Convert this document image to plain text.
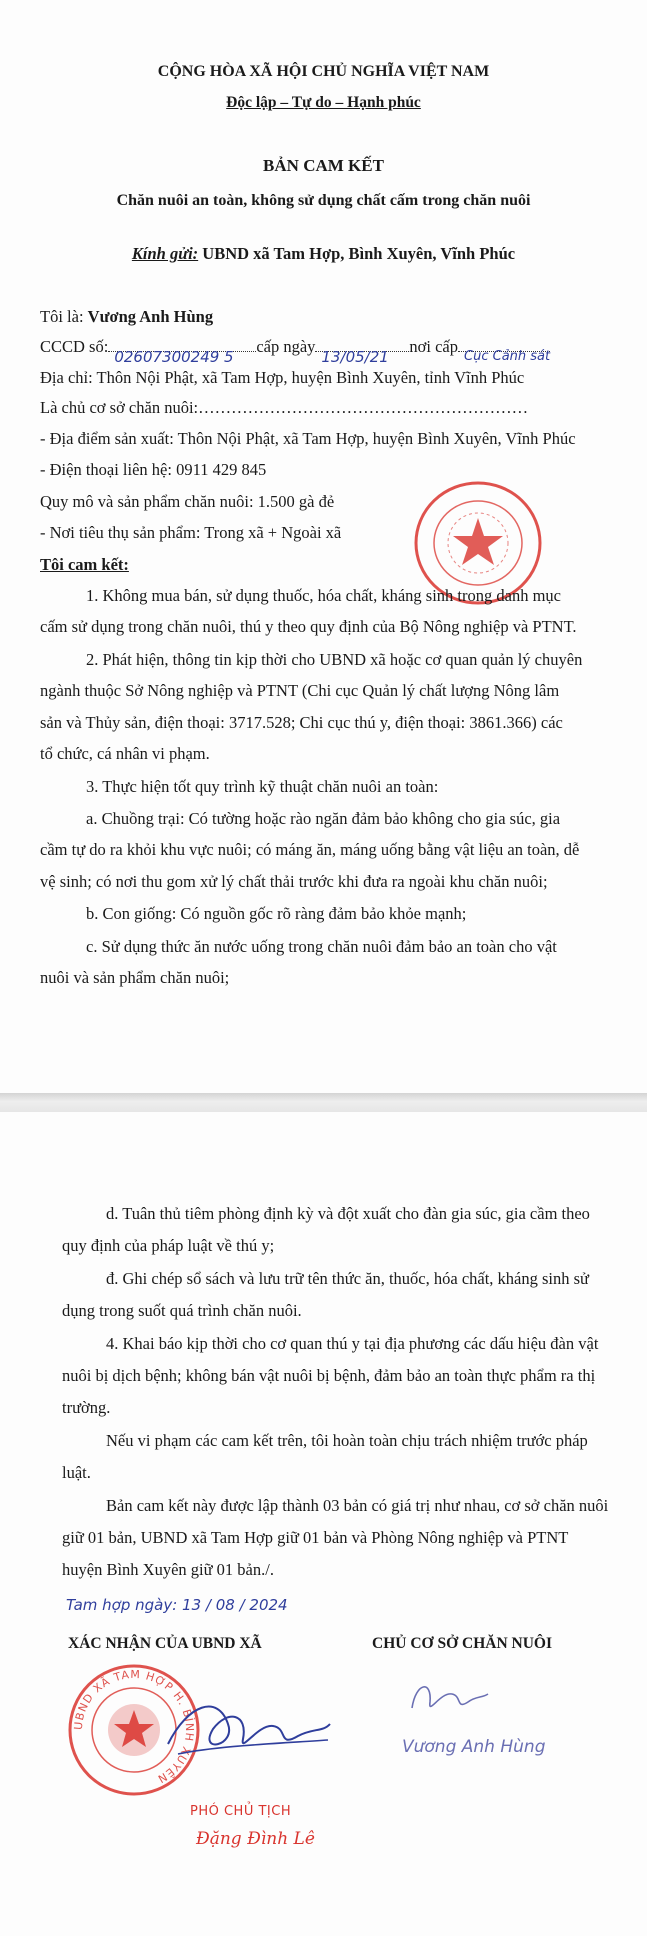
CỘNG HÒA XÃ HỘI CHỦ NGHĨA VIỆT NAM
Độc lập – Tự do – Hạnh phúc
BẢN CAM KẾT
Chăn nuôi an toàn, không sử dụng chất cấm trong chăn nuôi
Kính gửi: UBND xã Tam Hợp, Bình Xuyên, Vĩnh Phúc
Tôi là: Vương Anh Hùng
CCCD số:
02607300249 5
cấp ngày
13/05/21
nơi cấp
Cục Cảnh sát
Địa chỉ: Thôn Nội Phật, xã Tam Hợp, huyện Bình Xuyên, tỉnh Vĩnh Phúc
Là chủ cơ sở chăn nuôi:……………………………………………………
- Địa điểm sản xuất: Thôn Nội Phật, xã Tam Hợp, huyện Bình Xuyên, Vĩnh Phúc
- Điện thoại liên hệ: 0911 429 845
Quy mô và sản phẩm chăn nuôi: 1.500 gà đẻ
- Nơi tiêu thụ sản phẩm: Trong xã + Ngoài xã
Tôi cam kết:
1. Không mua bán, sử dụng thuốc, hóa chất, kháng sinh trong danh mục
cấm sử dụng trong chăn nuôi, thú y theo quy định của Bộ Nông nghiệp và PTNT.
2. Phát hiện, thông tin kịp thời cho UBND xã hoặc cơ quan quản lý chuyên
ngành thuộc Sở Nông nghiệp và PTNT (Chi cục Quản lý chất lượng Nông lâm
sản và Thủy sản, điện thoại: 3717.528; Chi cục thú y, điện thoại: 3861.366) các
tổ chức, cá nhân vi phạm.
3. Thực hiện tốt quy trình kỹ thuật chăn nuôi an toàn:
a. Chuồng trại: Có tường hoặc rào ngăn đảm bảo không cho gia súc, gia
cầm tự do ra khỏi khu vực nuôi; có máng ăn, máng uống bằng vật liệu an toàn, dễ
vệ sinh; có nơi thu gom xử lý chất thải trước khi đưa ra ngoài khu chăn nuôi;
b. Con giống: Có nguồn gốc rõ ràng đảm bảo khỏe mạnh;
c. Sử dụng thức ăn nước uống trong chăn nuôi đảm bảo an toàn cho vật
nuôi và sản phẩm chăn nuôi;
d. Tuân thủ tiêm phòng định kỳ và đột xuất cho đàn gia súc, gia cầm theo
quy định của pháp luật về thú y;
đ. Ghi chép sổ sách và lưu trữ tên thức ăn, thuốc, hóa chất, kháng sinh sử
dụng trong suốt quá trình chăn nuôi.
4. Khai báo kịp thời cho cơ quan thú y tại địa phương các dấu hiệu đàn vật
nuôi bị dịch bệnh; không bán vật nuôi bị bệnh, đảm bảo an toàn thực phẩm ra thị
trường.
Nếu vi phạm các cam kết trên, tôi hoàn toàn chịu trách nhiệm trước pháp
luật.
Bản cam kết này được lập thành 03 bản có giá trị như nhau, cơ sở chăn nuôi
giữ 01 bản, UBND xã Tam Hợp giữ 01 bản và Phòng Nông nghiệp và PTNT
huyện Bình Xuyên giữ 01 bản./.
Tam hợp ngày: 13 / 08 / 2024
XÁC NHẬN CỦA UBND XÃ	CHỦ CƠ SỞ CHĂN NUÔI
UBND XÃ TAM HỢP H. BÌNH XUYÊN
PHÓ CHỦ TỊCH
Đặng Đình Lê
Vương Anh Hùng
